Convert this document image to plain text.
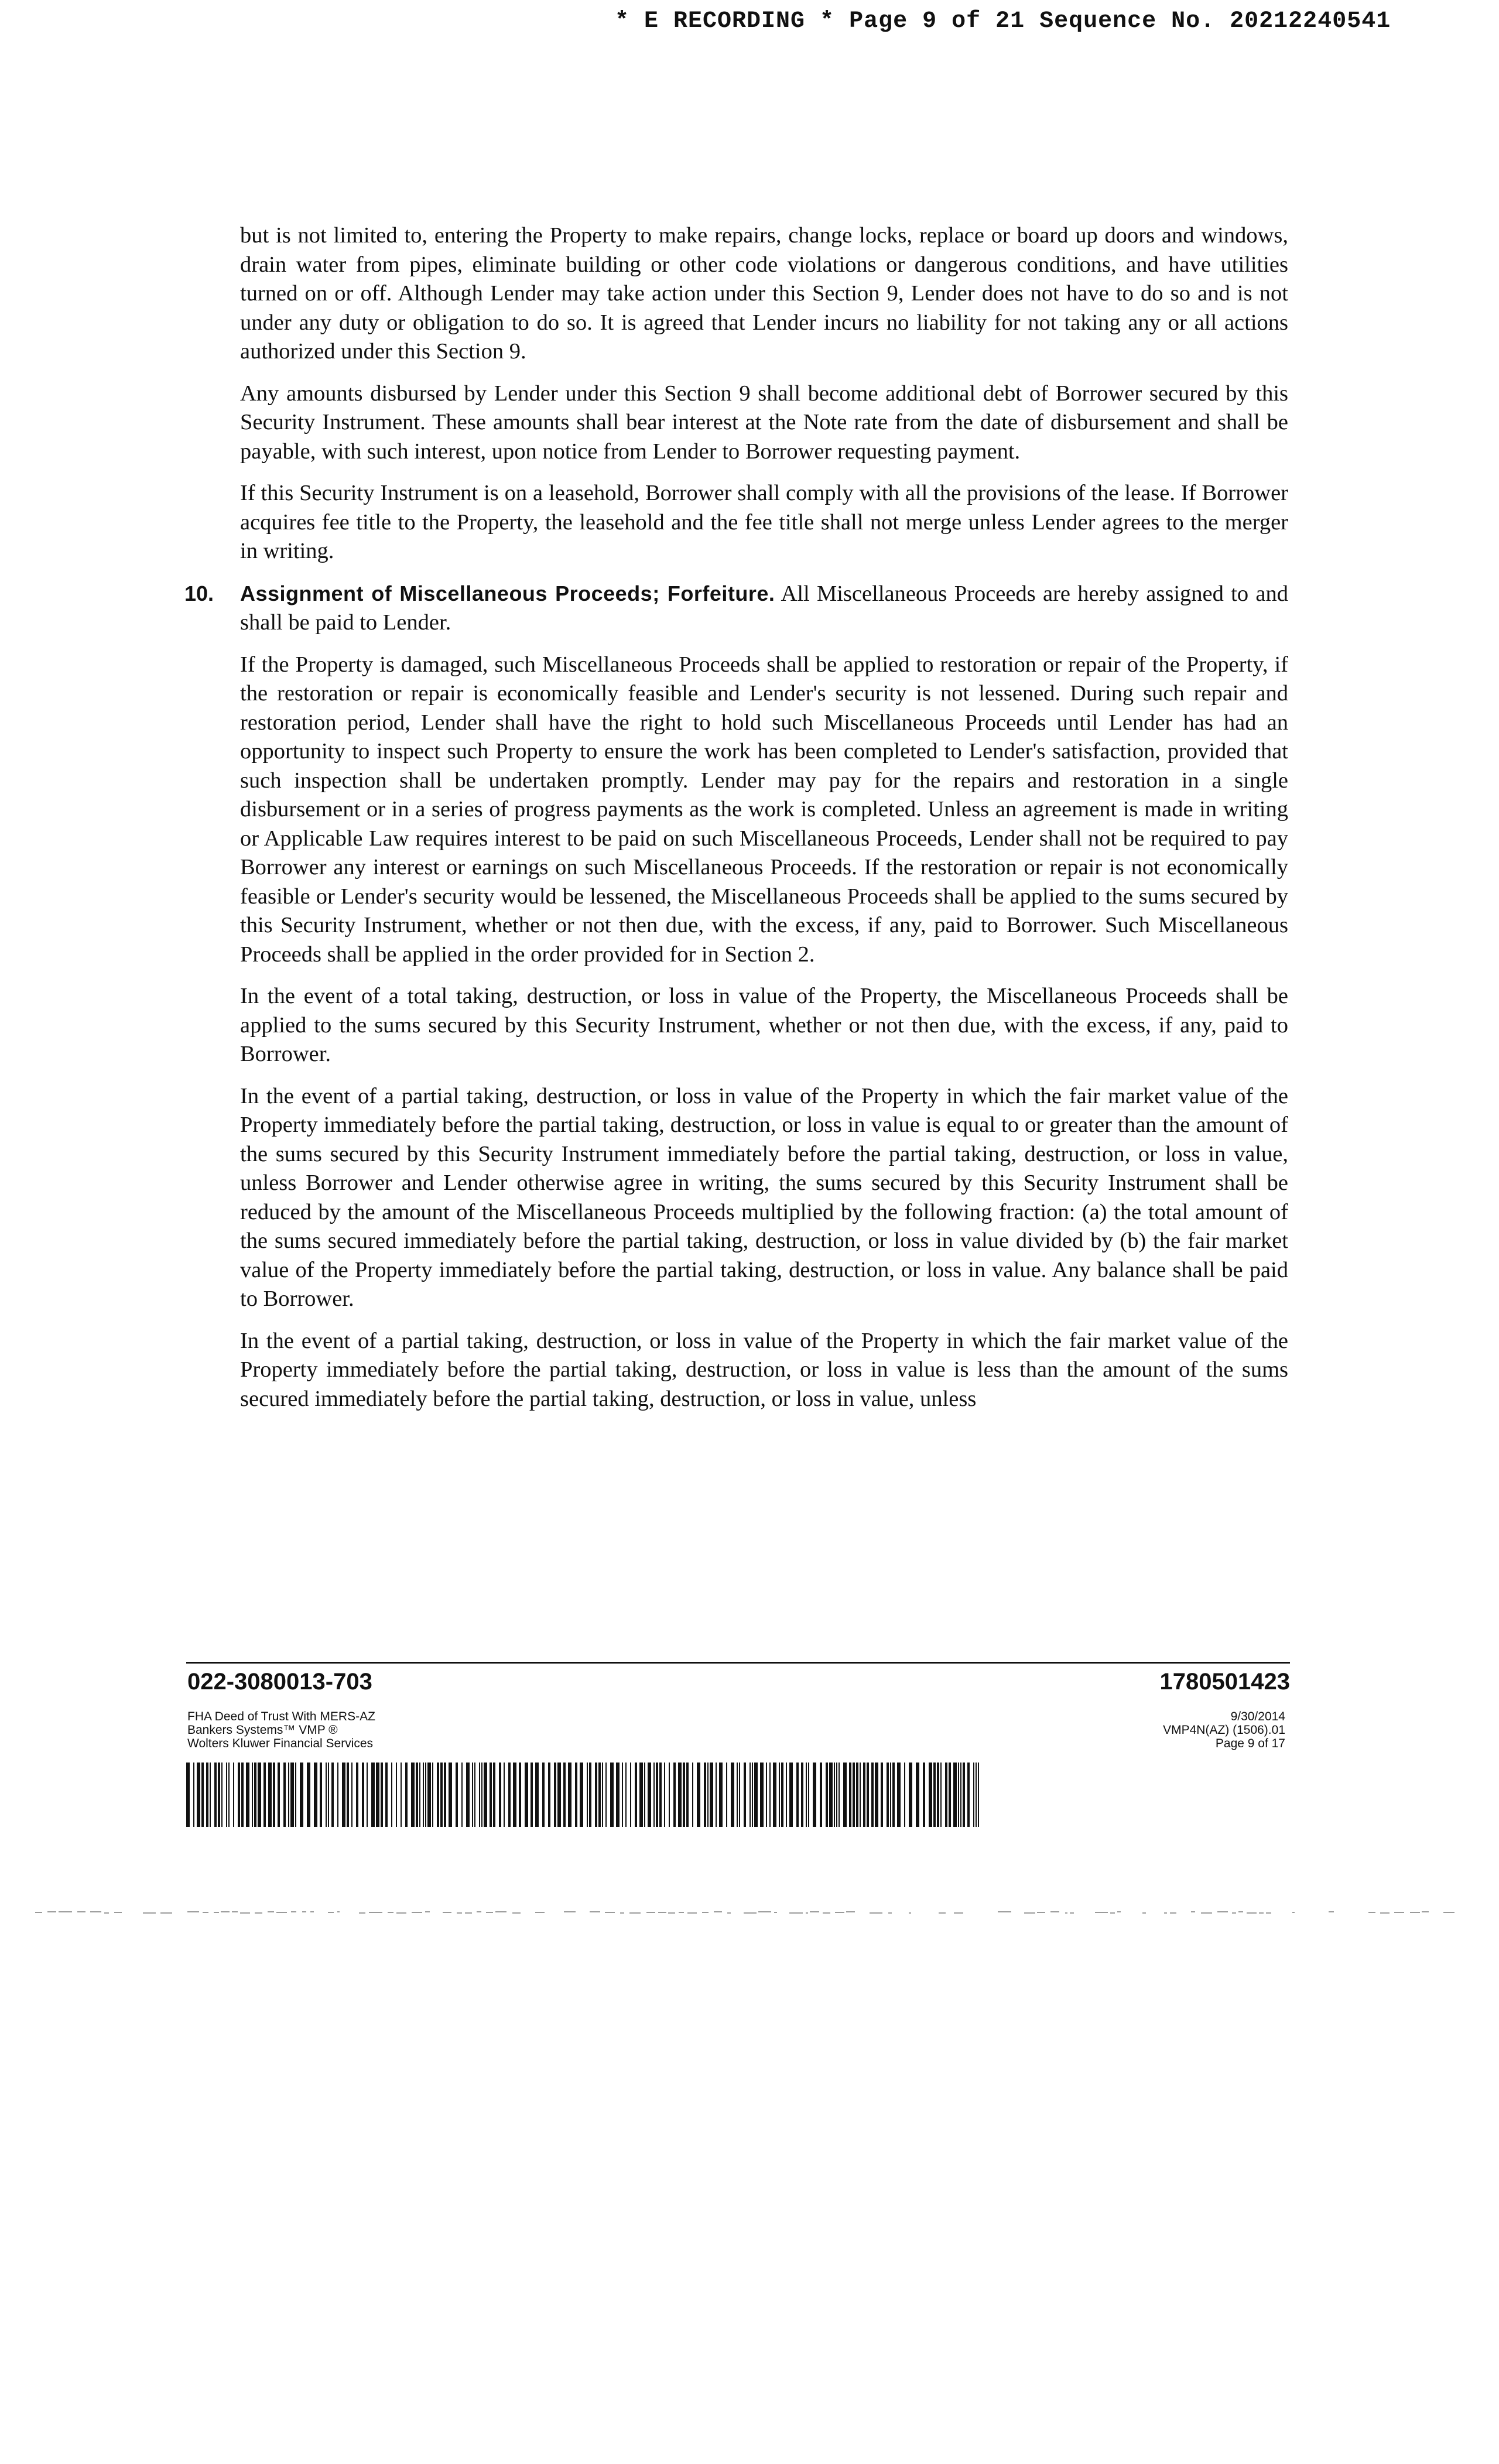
* E RECORDING * Page 9 of 21 Sequence No. 20212240541

but is not limited to, entering the Property to make repairs, change locks, replace or board up doors and windows, drain water from pipes, eliminate building or other code violations or dangerous conditions, and have utilities turned on or off. Although Lender may take action under this Section 9, Lender does not have to do so and is not under any duty or obligation to do so. It is agreed that Lender incurs no liability for not taking any or all actions authorized under this Section 9.

Any amounts disbursed by Lender under this Section 9 shall become additional debt of Borrower secured by this Security Instrument. These amounts shall bear interest at the Note rate from the date of disbursement and shall be payable, with such interest, upon notice from Lender to Borrower requesting payment.

If this Security Instrument is on a leasehold, Borrower shall comply with all the provisions of the lease. If Borrower acquires fee title to the Property, the leasehold and the fee title shall not merge unless Lender agrees to the merger in writing.

10. Assignment of Miscellaneous Proceeds; Forfeiture. All Miscellaneous Proceeds are hereby assigned to and shall be paid to Lender.

If the Property is damaged, such Miscellaneous Proceeds shall be applied to restoration or repair of the Property, if the restoration or repair is economically feasible and Lender's security is not lessened. During such repair and restoration period, Lender shall have the right to hold such Miscellaneous Proceeds until Lender has had an opportunity to inspect such Property to ensure the work has been completed to Lender's satisfaction, provided that such inspection shall be undertaken promptly. Lender may pay for the repairs and restoration in a single disbursement or in a series of progress payments as the work is completed. Unless an agreement is made in writing or Applicable Law requires interest to be paid on such Miscellaneous Proceeds, Lender shall not be required to pay Borrower any interest or earnings on such Miscellaneous Proceeds. If the restoration or repair is not economically feasible or Lender's security would be lessened, the Miscellaneous Proceeds shall be applied to the sums secured by this Security Instrument, whether or not then due, with the excess, if any, paid to Borrower. Such Miscellaneous Proceeds shall be applied in the order provided for in Section 2.

In the event of a total taking, destruction, or loss in value of the Property, the Miscellaneous Proceeds shall be applied to the sums secured by this Security Instrument, whether or not then due, with the excess, if any, paid to Borrower.

In the event of a partial taking, destruction, or loss in value of the Property in which the fair market value of the Property immediately before the partial taking, destruction, or loss in value is equal to or greater than the amount of the sums secured by this Security Instrument immediately before the partial taking, destruction, or loss in value, unless Borrower and Lender otherwise agree in writing, the sums secured by this Security Instrument shall be reduced by the amount of the Miscellaneous Proceeds multiplied by the following fraction: (a) the total amount of the sums secured immediately before the partial taking, destruction, or loss in value divided by (b) the fair market value of the Property immediately before the partial taking, destruction, or loss in value. Any balance shall be paid to Borrower.

In the event of a partial taking, destruction, or loss in value of the Property in which the fair market value of the Property immediately before the partial taking, destruction, or loss in value is less than the amount of the sums secured immediately before the partial taking, destruction, or loss in value, unless

022-3080013-703	1780501423
FHA Deed of Trust With MERS-AZ
Bankers Systems™ VMP ®
Wolters Kluwer Financial Services
9/30/2014
VMP4N(AZ) (1506).01
Page 9 of 17
